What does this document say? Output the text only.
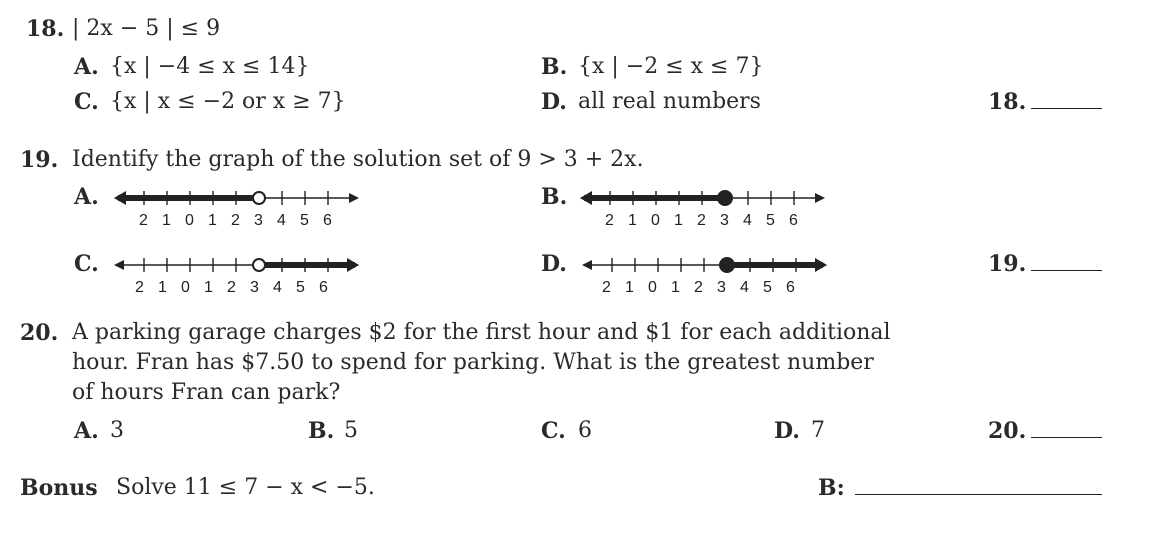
18. | 2x − 5 | ≤ 9
A. {x | −4 ≤ x ≤ 14}	B. {x | −2 ≤ x ≤ 7}
C. {x | x ≤ −2 or x ≥ 7}	D. all real numbers	18.
19. Identify the graph of the solution set of 9 > 3 + 2x.
A.
2 1 0 1 2 3 4 5 6
B.
2 1 0 1 2 3 4 5 6
C.
2 1 0 1 2 3 4 5 6
D.
2 1 0 1 2 3 4 5 6
19.
20. A parking garage charges $2 for the first hour and $1 for each additional
hour. Fran has $7.50 to spend for parking. What is the greatest number
of hours Fran can park?
A. 3	B. 5	C. 6	D. 7	20.
Bonus Solve 11 ≤ 7 − x < −5.	B:
